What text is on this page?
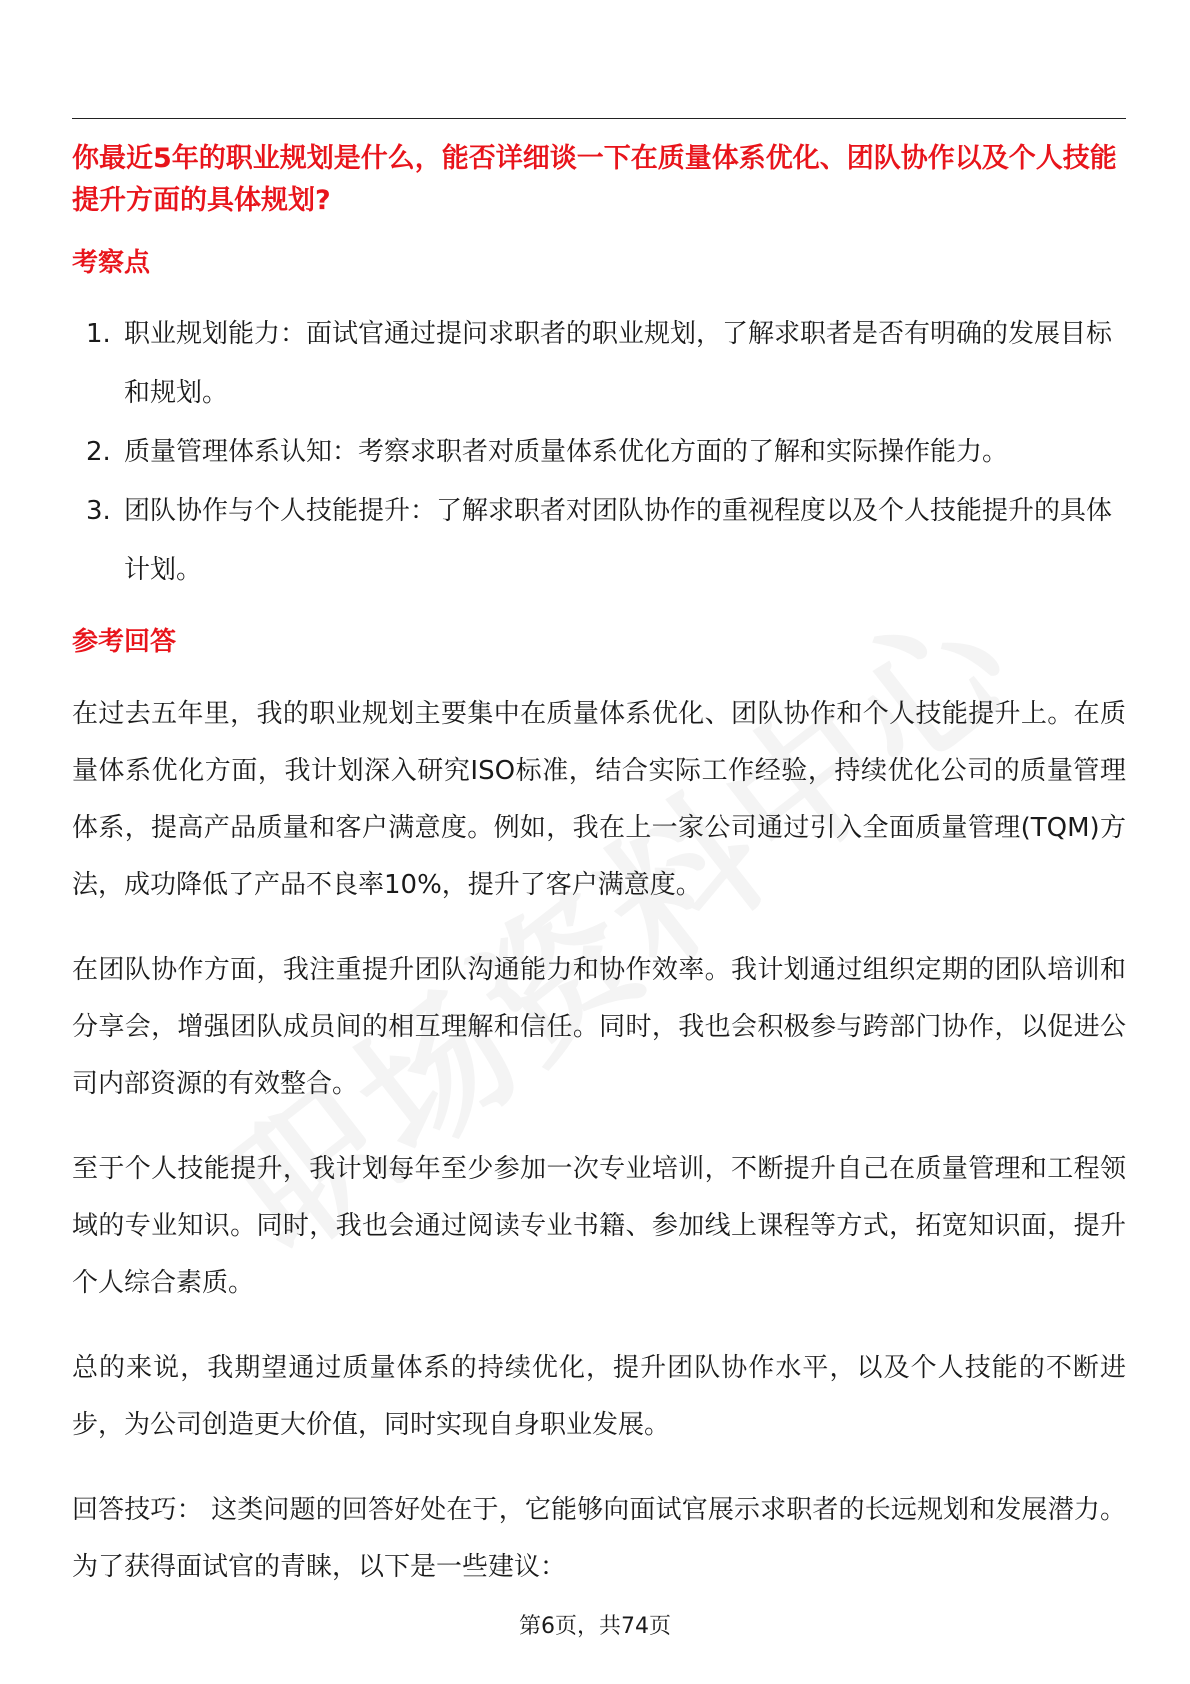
你最近5年的职业规划是什么，能否详细谈一下在质量体系优化、团队协作以及个人技能提升方面的具体规划?
考察点
1. 职业规划能力：面试官通过提问求职者的职业规划，了解求职者是否有明确的发展目标和规划。
2. 质量管理体系认知：考察求职者对质量体系优化方面的了解和实际操作能力。
3. 团队协作与个人技能提升：了解求职者对团队协作的重视程度以及个人技能提升的具体计划。
参考回答

在过去五年里，我的职业规划主要集中在质量体系优化、团队协作和个人技能提升上。在质量体系优化方面，我计划深入研究ISO标准，结合实际工作经验，持续优化公司的质量管理体系，提高产品质量和客户满意度。例如，我在上一家公司通过引入全面质量管理(TQM)方法，成功降低了产品不良率10%，提升了客户满意度。

在团队协作方面，我注重提升团队沟通能力和协作效率。我计划通过组织定期的团队培训和分享会，增强团队成员间的相互理解和信任。同时，我也会积极参与跨部门协作，以促进公司内部资源的有效整合。

至于个人技能提升，我计划每年至少参加一次专业培训，不断提升自己在质量管理和工程领域的专业知识。同时，我也会通过阅读专业书籍、参加线上课程等方式，拓宽知识面，提升个人综合素质。

总的来说，我期望通过质量体系的持续优化，提升团队协作水平，以及个人技能的不断进步，为公司创造更大价值，同时实现自身职业发展。

回答技巧： 这类问题的回答好处在于，它能够向面试官展示求职者的长远规划和发展潜力。为了获得面试官的青睐，以下是一些建议：

第6页，共74页
